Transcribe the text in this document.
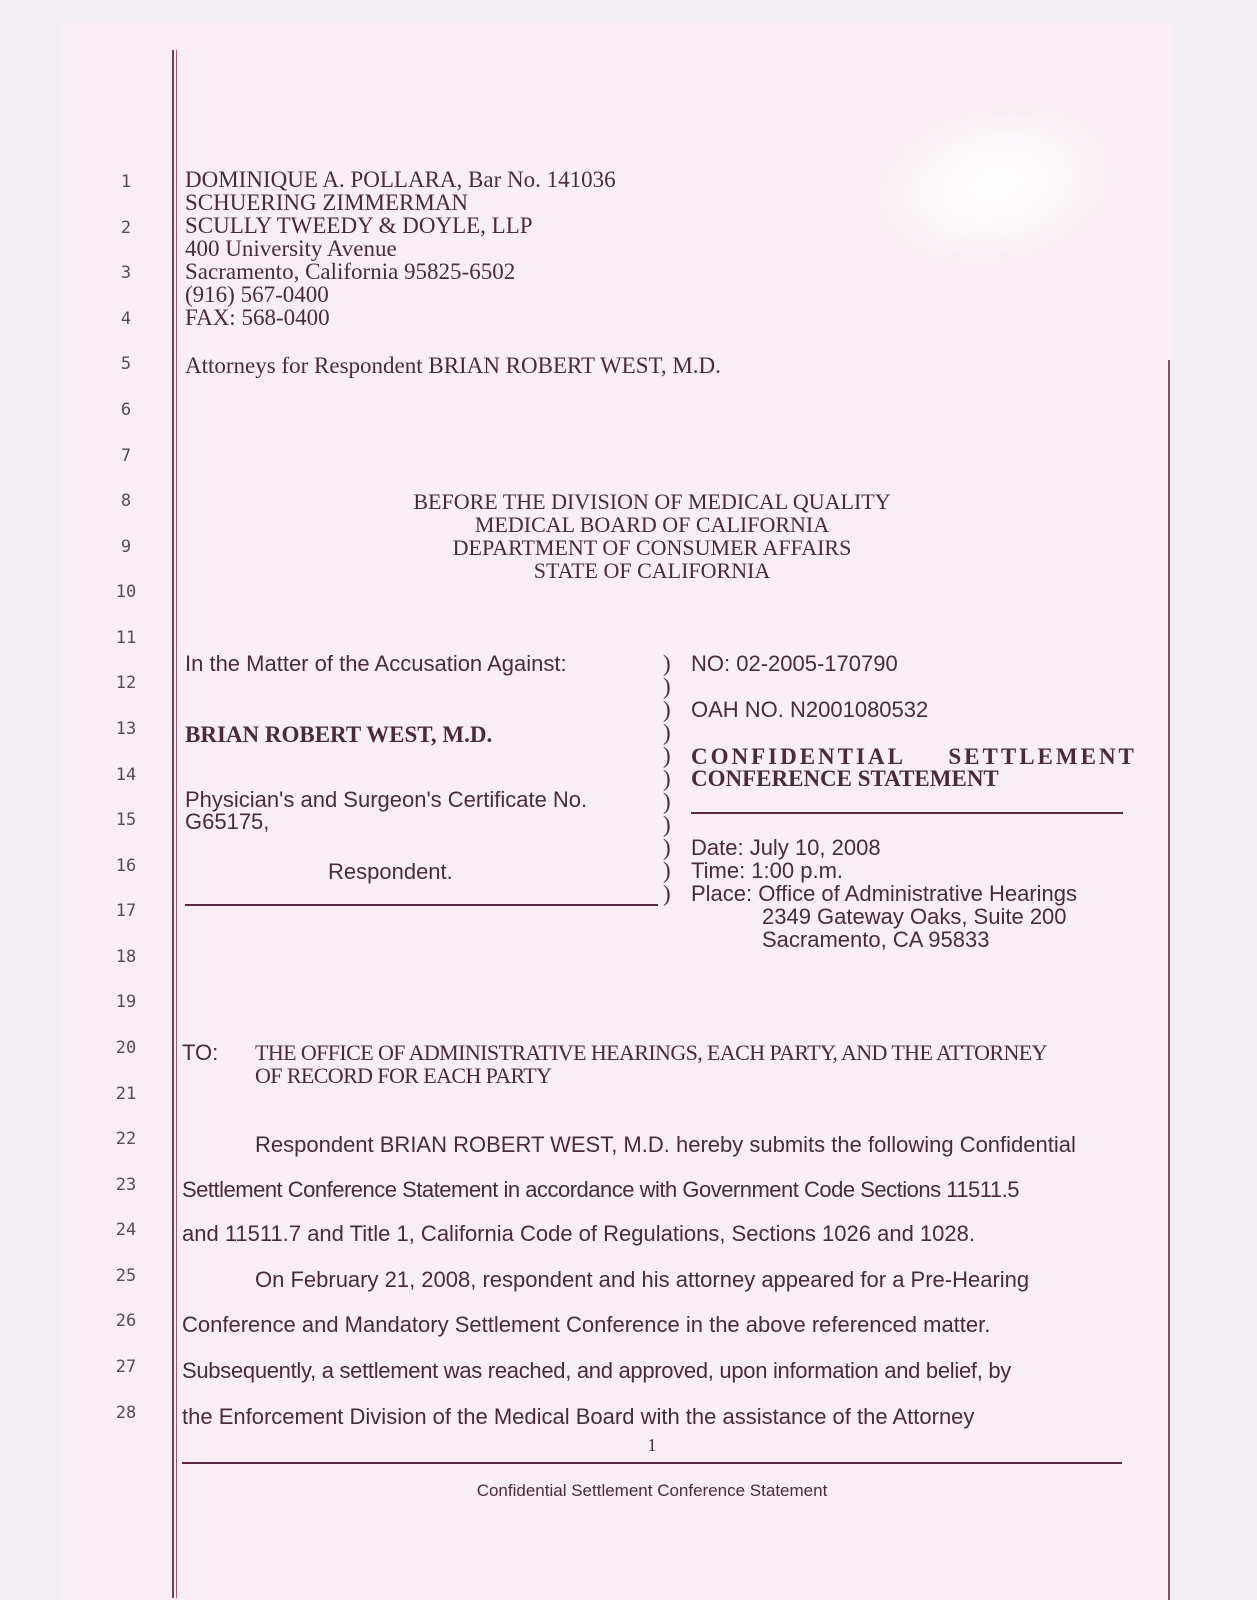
1
2
3
4
5
6
7
8
9
10
11
12
13
14
15
16
17
18
19
20
21
22
23
24
25
26
27
28
DOMINIQUE A. POLLARA, Bar No. 141036
SCHUERING ZIMMERMAN
SCULLY TWEEDY & DOYLE, LLP
400 University Avenue
Sacramento, California 95825-6502
(916) 567-0400
FAX: 568-0400
Attorneys for Respondent BRIAN ROBERT WEST, M.D.
BEFORE THE DIVISION OF MEDICAL QUALITY
MEDICAL BOARD OF CALIFORNIA
DEPARTMENT OF CONSUMER AFFAIRS
STATE OF CALIFORNIA
In the Matter of the Accusation Against:
BRIAN ROBERT WEST, M.D.
Physician's and Surgeon's Certificate No.
G65175,
Respondent.
)
)
)
)
)
)
)
)
)
)
)
NO: 02-2005-170790
OAH NO. N2001080532
CONFIDENTIAL     SETTLEMENT
CONFERENCE STATEMENT
Date: July 10, 2008
Time: 1:00 p.m.
Place: Office of Administrative Hearings
2349 Gateway Oaks, Suite 200
Sacramento, CA 95833
TO: THE OFFICE OF ADMINISTRATIVE HEARINGS, EACH PARTY, AND THE ATTORNEY
OF RECORD FOR EACH PARTY
Respondent BRIAN ROBERT WEST, M.D. hereby submits the following Confidential
Settlement Conference Statement in accordance with Government Code Sections 11511.5
and 11511.7 and Title 1, California Code of Regulations, Sections 1026 and 1028.
On February 21, 2008, respondent and his attorney appeared for a Pre-Hearing
Conference and Mandatory Settlement Conference in the above referenced matter.
Subsequently, a settlement was reached, and approved, upon information and belief, by
the Enforcement Division of the Medical Board with the assistance of the Attorney
1
Confidential Settlement Conference Statement
